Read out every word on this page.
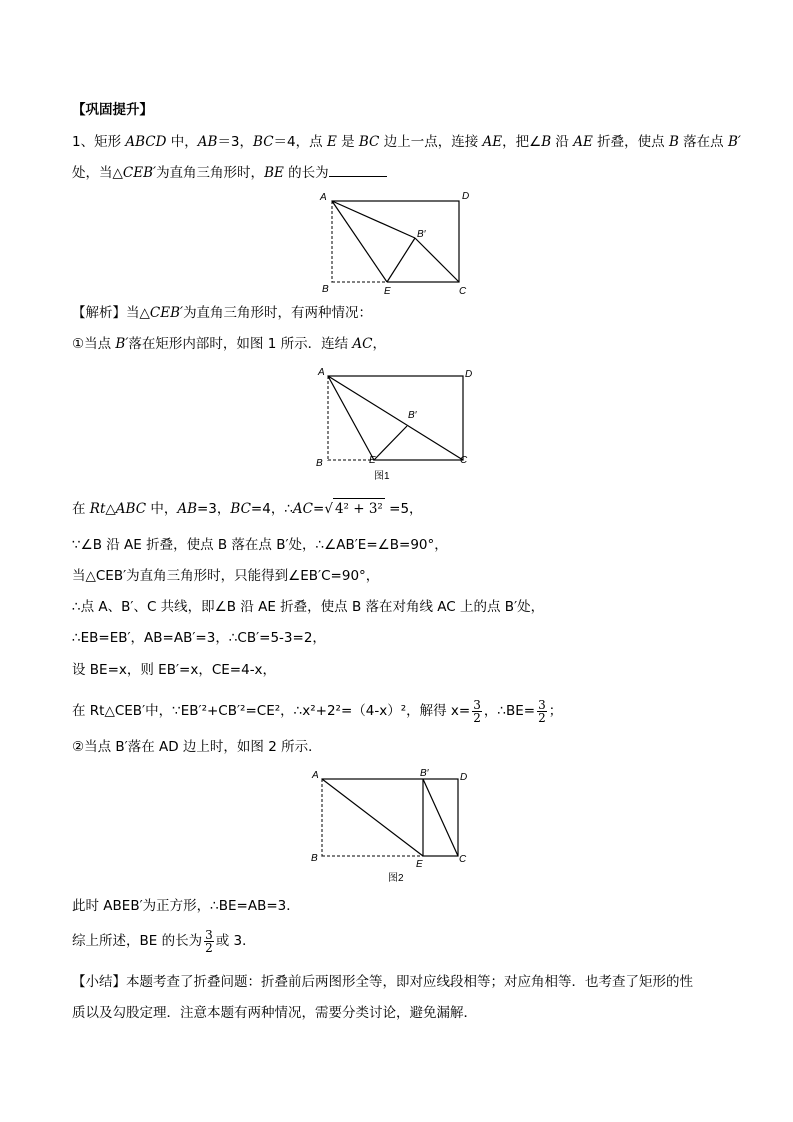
【巩固提升】
1、矩形 ABCD 中，AB＝3，BC＝4，点 E 是 BC 边上一点，连接 AE，把∠B 沿 AE 折叠，使点 B 落在点 B′
处，当△CEB′为直角三角形时，BE 的长为
A	D
B	E	C
B′
【解析】当△CEB′为直角三角形时，有两种情况：
①当点 B′落在矩形内部时，如图 1 所示．连结 AC，
A	D
B	E	C
B′
图1
在 Rt△ABC 中，AB=3，BC=4，∴AC=√ 4² + 3² =5，
∵∠B 沿 AE 折叠，使点 B 落在点 B′处，∴∠AB′E=∠B=90°，
当△CEB′为直角三角形时，只能得到∠EB′C=90°，
∴点 A、B′、C 共线，即∠B 沿 AE 折叠，使点 B 落在对角线 AC 上的点 B′处，
∴EB=EB′，AB=AB′=3，∴CB′=5-3=2，
设 BE=x，则 EB′=x，CE=4-x，
在 Rt△CEB′中，∵EB′²+CB′²=CE²，∴x²+2²=（4-x）²，解得 $x= \frac{3}{2}$ ，∴BE= $\frac{3}{2}$ ；
②当点 B′落在 AD 边上时，如图 2 所示．
A	B′	D
B
E	C
图2
此时 ABEB′为正方形，∴BE=AB=3．
综上所述，BE 的长为 $\frac{3}{2}$ 或 3．
【小结】本题考查了折叠问题：折叠前后两图形全等，即对应线段相等；对应角相等．也考查了矩形的性
质以及勾股定理．注意本题有两种情况，需要分类讨论，避免漏解．
